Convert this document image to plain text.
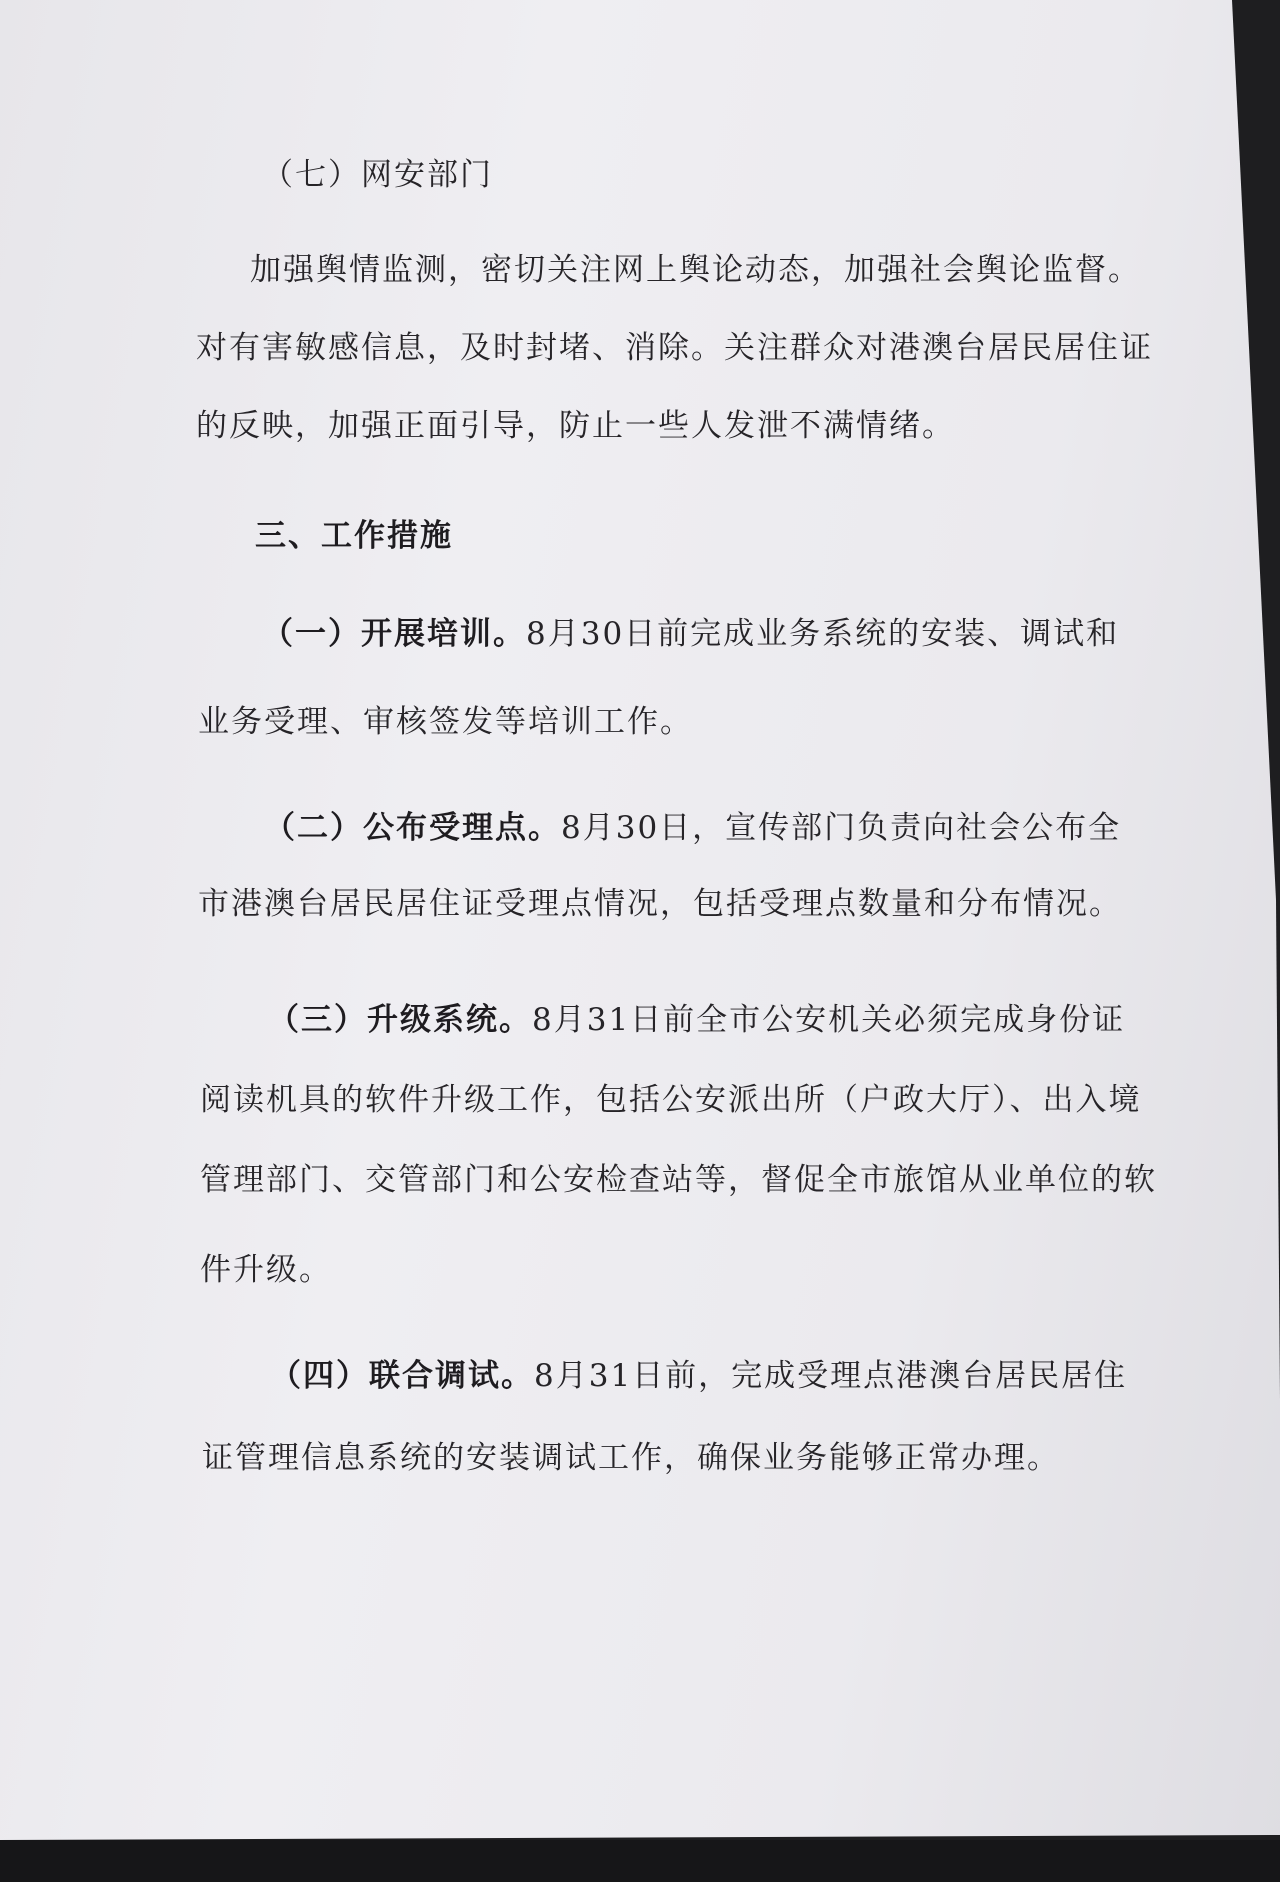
（七）网安部门
加强舆情监测，密切关注网上舆论动态，加强社会舆论监督。
对有害敏感信息，及时封堵、消除。关注群众对港澳台居民居住证
的反映，加强正面引导，防止一些人发泄不满情绪。
三、工作措施
（一）开展培训。8月30日前完成业务系统的安装、调试和
业务受理、审核签发等培训工作。
（二）公布受理点。8月30日，宣传部门负责向社会公布全
市港澳台居民居住证受理点情况，包括受理点数量和分布情况。
（三）升级系统。8月31日前全市公安机关必须完成身份证
阅读机具的软件升级工作，包括公安派出所（户政大厅）、出入境
管理部门、交管部门和公安检查站等，督促全市旅馆从业单位的软
件升级。
（四）联合调试。8月31日前，完成受理点港澳台居民居住
证管理信息系统的安装调试工作，确保业务能够正常办理。
